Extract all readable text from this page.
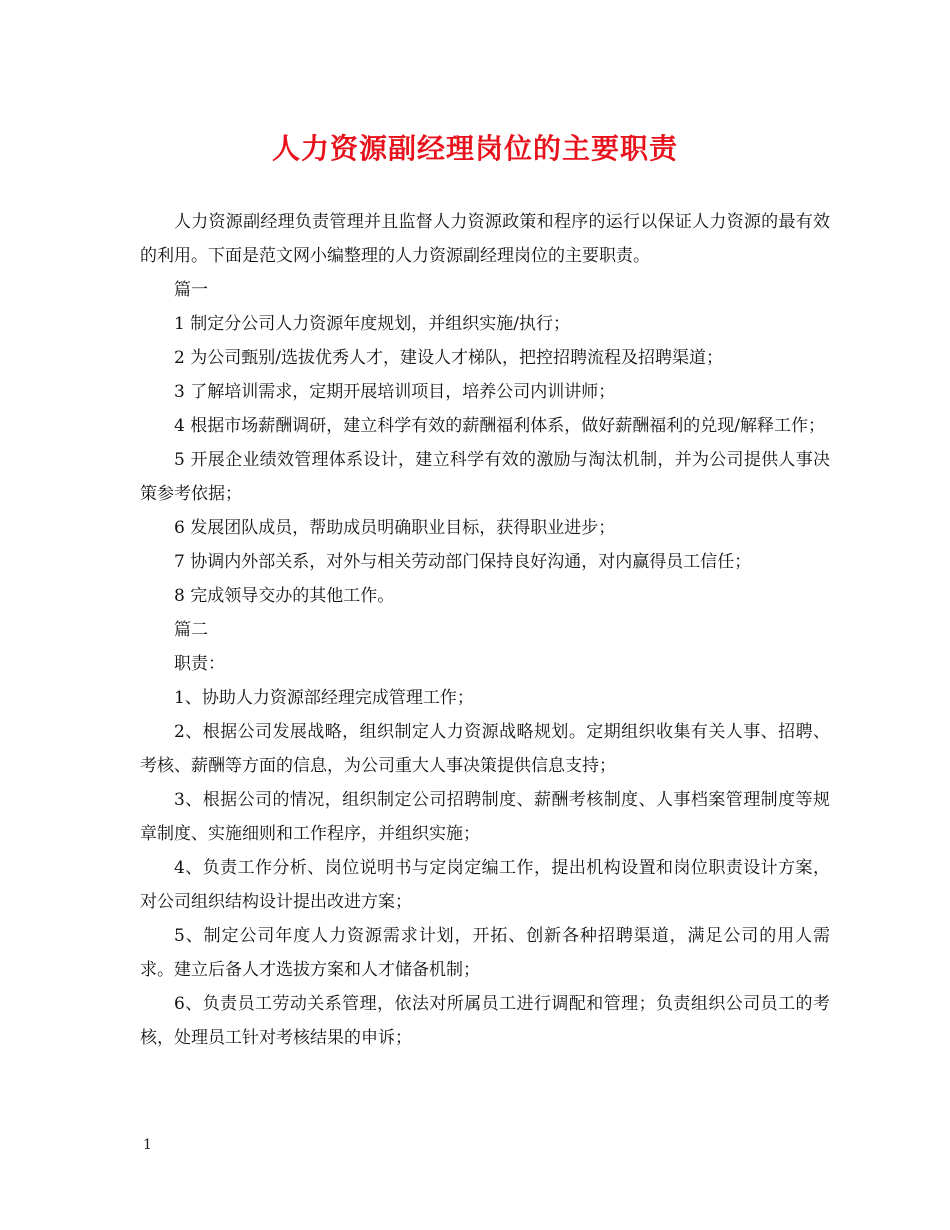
人力资源副经理岗位的主要职责

人力资源副经理负责管理并且监督人力资源政策和程序的运行以保证人力资源的最有效的利用。下面是范文网小编整理的人力资源副经理岗位的主要职责。

篇一

1 制定分公司人力资源年度规划，并组织实施/执行；

2 为公司甄别/选拔优秀人才，建设人才梯队，把控招聘流程及招聘渠道；

3 了解培训需求，定期开展培训项目，培养公司内训讲师；

4 根据市场薪酬调研，建立科学有效的薪酬福利体系，做好薪酬福利的兑现/解释工作；

5 开展企业绩效管理体系设计，建立科学有效的激励与淘汰机制，并为公司提供人事决策参考依据；

6 发展团队成员，帮助成员明确职业目标，获得职业进步；

7 协调内外部关系，对外与相关劳动部门保持良好沟通，对内赢得员工信任；

8 完成领导交办的其他工作。

篇二

职责：

1、协助人力资源部经理完成管理工作；

2、根据公司发展战略，组织制定人力资源战略规划。定期组织收集有关人事、招聘、考核、薪酬等方面的信息，为公司重大人事决策提供信息支持；

3、根据公司的情况，组织制定公司招聘制度、薪酬考核制度、人事档案管理制度等规章制度、实施细则和工作程序，并组织实施；

4、负责工作分析、岗位说明书与定岗定编工作，提出机构设置和岗位职责设计方案，对公司组织结构设计提出改进方案；

5、制定公司年度人力资源需求计划，开拓、创新各种招聘渠道，满足公司的用人需求。建立后备人才选拔方案和人才储备机制；

6、负责员工劳动关系管理，依法对所属员工进行调配和管理；负责组织公司员工的考核，处理员工针对考核结果的申诉；

1
